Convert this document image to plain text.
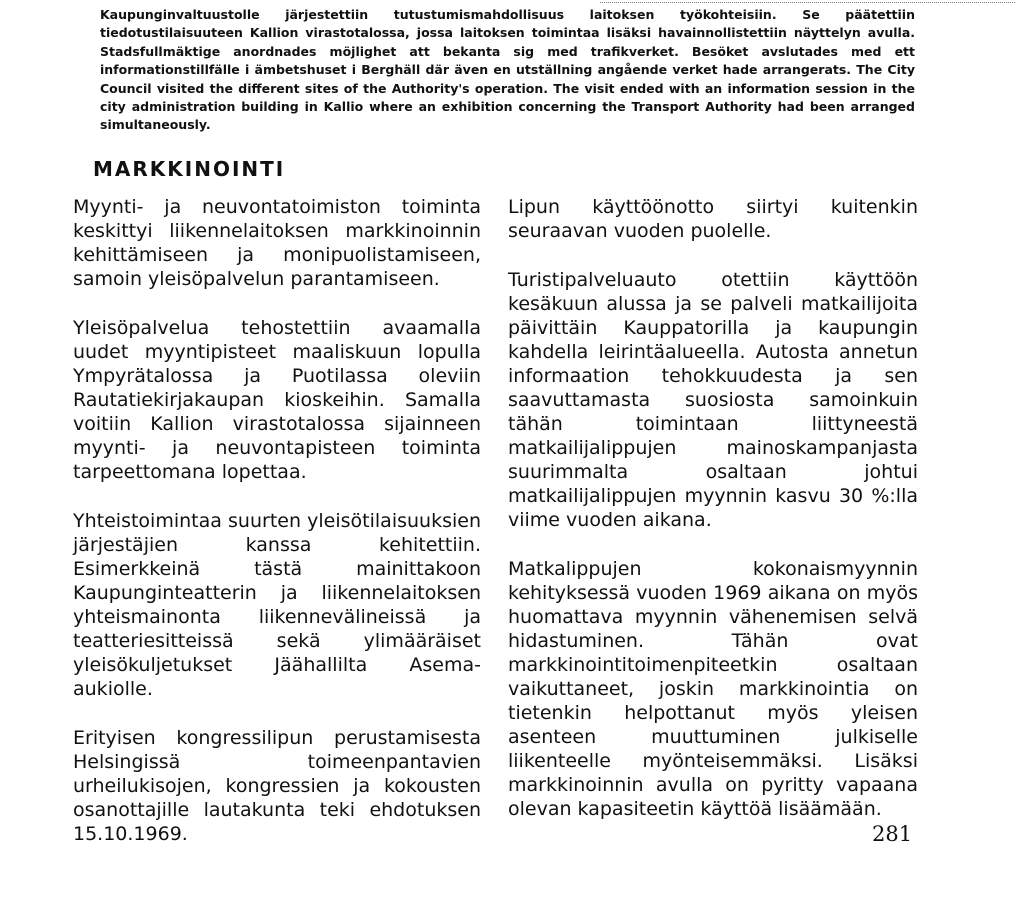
Kaupunginvaltuustolle järjestettiin tutustumismahdollisuus laitoksen työkohteisiin. Se päätettiin tiedotustilaisuuteen Kallion virastotalossa, jossa laitoksen toimintaa lisäksi havainnollistettiin näyttelyn avulla. Stadsfullmäktige anordnades möjlighet att bekanta sig med trafikverket. Besöket avslutades med ett informationstillfälle i ämbetshuset i Berghäll där även en utställning angående verket hade arrangerats. The City Council visited the different sites of the Authority's operation. The visit ended with an information session in the city administration building in Kallio where an exhibition concerning the Transport Authority had been arranged simultaneously.

MARKKINOINTI

Myynti- ja neuvontatoimiston toiminta keskittyi liikennelaitoksen markkinoinnin kehittämiseen ja monipuolistamiseen, samoin yleisöpalvelun parantamiseen.

Yleisöpalvelua tehostettiin avaamalla uudet myyntipisteet maaliskuun lopulla Ympyrätalossa ja Puotilassa oleviin Rautatiekirjakaupan kioskeihin. Samalla voitiin Kallion virastotalossa sijainneen myynti- ja neuvontapisteen toiminta tarpeettomana lopettaa.

Yhteistoimintaa suurten yleisötilaisuuksien järjestäjien kanssa kehitettiin. Esimerkkeinä tästä mainittakoon Kaupunginteatterin ja liikennelaitoksen yhteismainonta liikennevälineissä ja teatteriesitteissä sekä ylimääräiset yleisökuljetukset Jäähallilta Asema-aukiolle.

Erityisen kongressilipun perustamisesta Helsingissä toimeenpantavien urheilukisojen, kongressien ja kokousten osanottajille lautakunta teki ehdotuksen 15.10.1969.

Lipun käyttöönotto siirtyi kuitenkin seuraavan vuoden puolelle.

Turistipalveluauto otettiin käyttöön kesäkuun alussa ja se palveli matkailijoita päivittäin Kauppatorilla ja kaupungin kahdella leirintäalueella. Autosta annetun informaation tehokkuudesta ja sen saavuttamasta suosiosta samoinkuin tähän toimintaan liittyneestä matkailijalippujen mainoskampanjasta suurimmalta osaltaan johtui matkailijalippujen myynnin kasvu 30 %:lla viime vuoden aikana.

Matkalippujen kokonaismyynnin kehityksessä vuoden 1969 aikana on myös huomattava myynnin vähenemisen selvä hidastuminen. Tähän ovat markkinointitoimenpiteetkin osaltaan vaikuttaneet, joskin markkinointia on tietenkin helpottanut myös yleisen asenteen muuttuminen julkiselle liikenteelle myönteisemmäksi. Lisäksi markkinoinnin avulla on pyritty vapaana olevan kapasiteetin käyttöä lisäämään.

281
